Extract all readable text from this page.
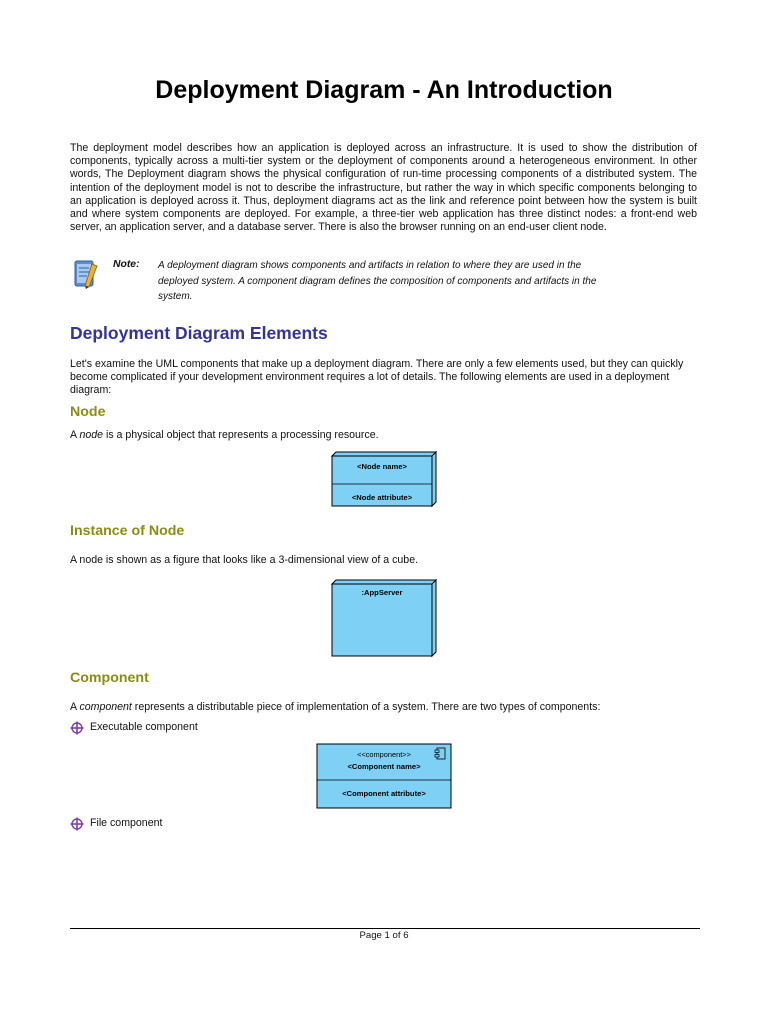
Deployment Diagram - An Introduction
The deployment model describes how an application is deployed across an infrastructure. It is used to show the distribution of components, typically across a multi-tier system or the deployment of components around a heterogeneous environment. In other words, The Deployment diagram shows the physical configuration of run-time processing components of a distributed system. The intention of the deployment model is not to describe the infrastructure, but rather the way in which specific components belonging to an application is deployed across it. Thus, deployment diagrams act as the link and reference point between how the system is built and where system components are deployed. For example, a three-tier web application has three distinct nodes: a front-end web server, an application server, and a database server. There is also the browser running on an end-user client node.
Note: A deployment diagram shows components and artifacts in relation to where they are used in the deployed system. A component diagram defines the composition of components and artifacts in the system.
Deployment Diagram Elements
Let's examine the UML components that make up a deployment diagram. There are only a few elements used, but they can quickly become complicated if your development environment requires a lot of details. The following elements are used in a deployment diagram:
Node
A node is a physical object that represents a processing resource.
<Node name>
<Node attribute>
Instance of Node
A node is shown as a figure that looks like a 3-dimensional view of a cube.
:AppServer
Component
A component represents a distributable piece of implementation of a system. There are two types of components:
Executable component
<<component>>
<Component name>
<Component attribute>
File component
Page 1 of 6
